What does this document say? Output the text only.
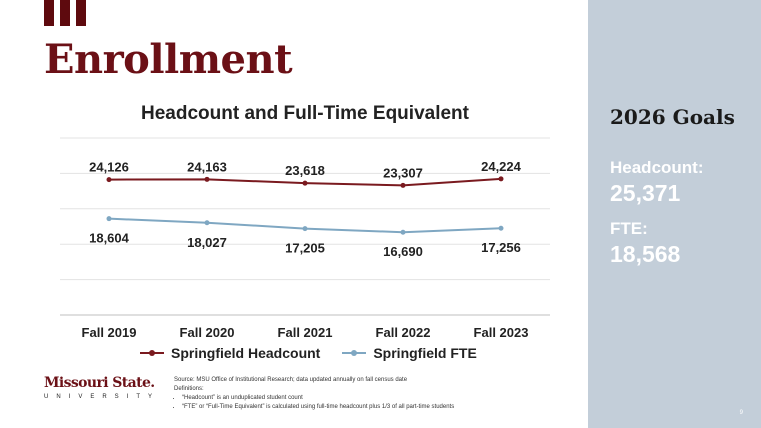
Enrollment
Headcount and Full-Time Equivalent
Fall 2019	Fall 2020	Fall 2021	Fall 2022	Fall 2023
24,126	24,163	23,618	23,307	24,224
18,604	18,027	17,205	16,690	17,256
Springfield Headcount	Springfield FTE
2026 Goals
Headcount:
25,371
FTE:
18,568
9
Missouri State.
UNIVERSITY
Source: MSU Office of Institutional Research; data updated annually on fall census date
Definitions:
• “Headcount” is an unduplicated student count
• “FTE” or “Full-Time Equivalent” is calculated using full-time headcount plus 1/3 of all part-time students
